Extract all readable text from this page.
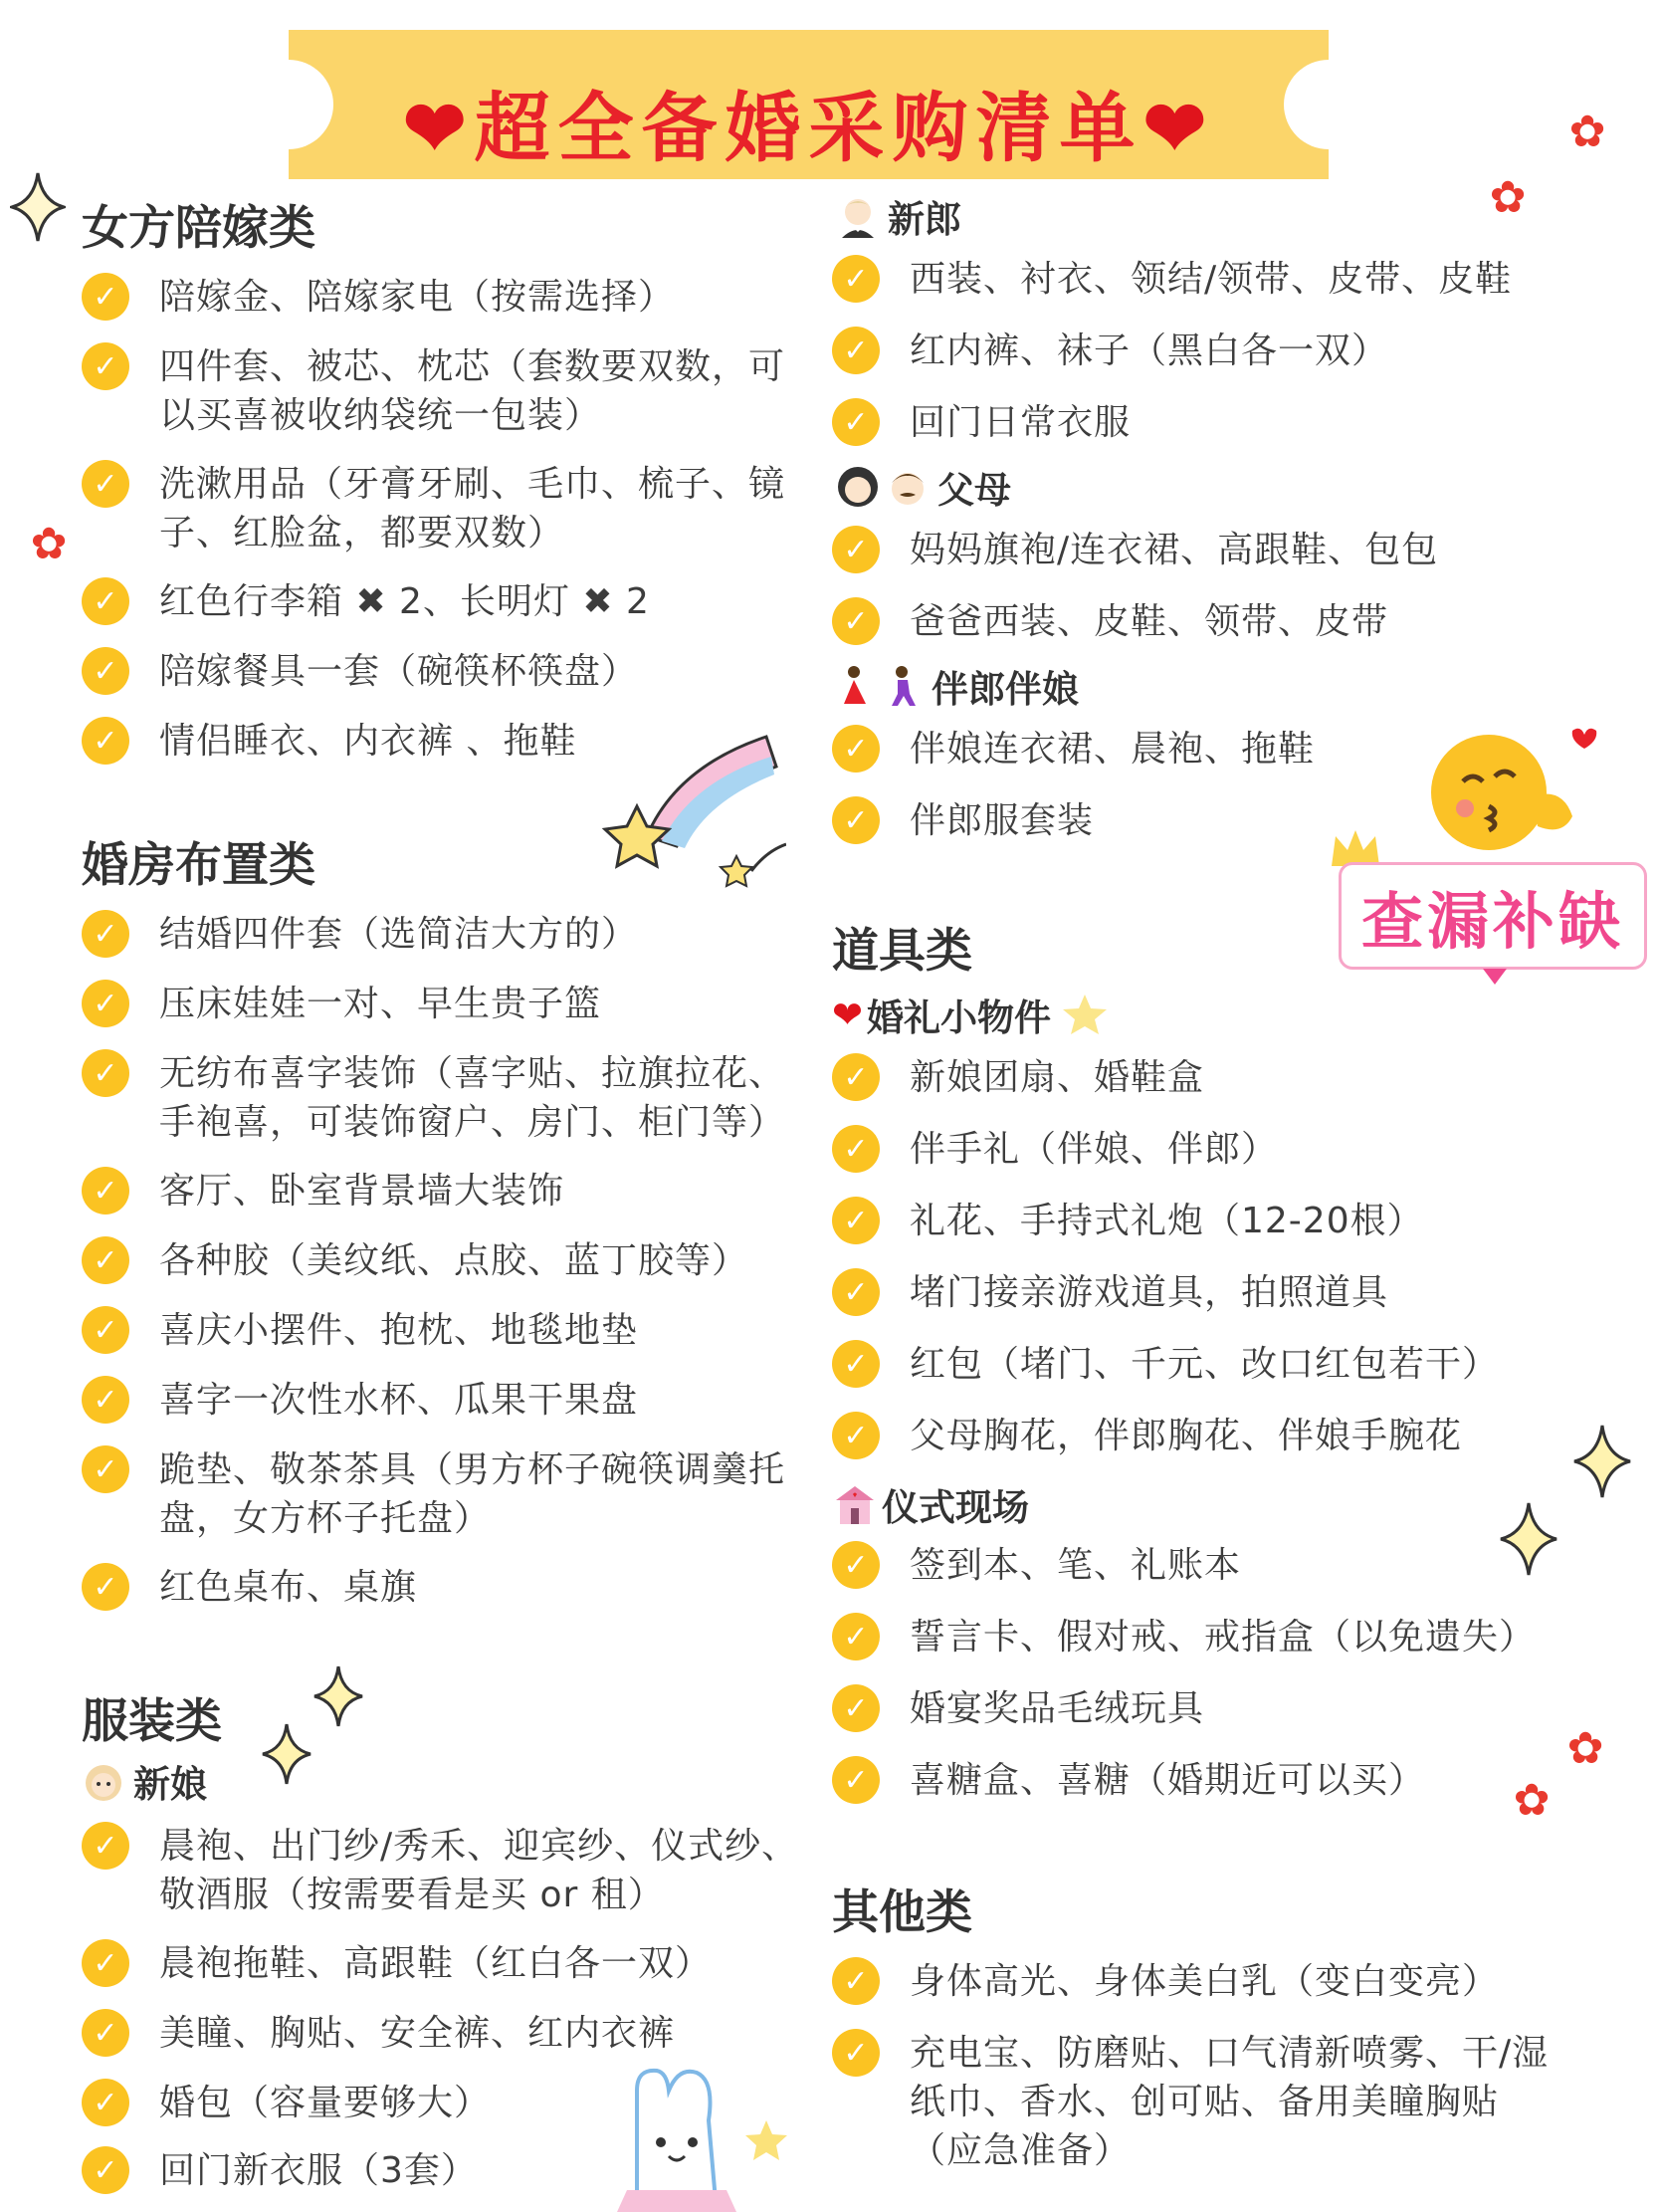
❤超全备婚采购清单❤	✿
✿
✿
✿
✿
查漏补缺
女方陪嫁类
✓	陪嫁金、陪嫁家电（按需选择）
✓	四件套、被芯、枕芯（套数要双数，可
以买喜被收纳袋统一包装）
✓	洗漱用品（牙膏牙刷、毛巾、梳子、镜
子、红脸盆，都要双数）
✓	红色行李箱 ✖ 2、长明灯 ✖ 2
✓	陪嫁餐具一套（碗筷杯筷盘）
✓	情侣睡衣、内衣裤 、拖鞋
婚房布置类
✓	结婚四件套（选简洁大方的）
✓	压床娃娃一对、早生贵子篮
✓	无纺布喜字装饰（喜字贴、拉旗拉花、
手袍喜，可装饰窗户、房门、柜门等）
✓	客厅、卧室背景墙大装饰
✓	各种胶（美纹纸、点胶、蓝丁胶等）
✓	喜庆小摆件、抱枕、地毯地垫
✓	喜字一次性水杯、瓜果干果盘
✓	跪垫、敬茶茶具（男方杯子碗筷调羹托
盘，女方杯子托盘）
✓	红色桌布、桌旗
服装类
新娘
✓	晨袍、出门纱/秀禾、迎宾纱、仪式纱、
敬酒服（按需要看是买 or 租）
✓	晨袍拖鞋、高跟鞋（红白各一双）
✓	美瞳、胸贴、安全裤、红内衣裤
✓	婚包（容量要够大）
✓	回门新衣服（3套）
新郎
✓	西装、衬衣、领结/领带、皮带、皮鞋
✓	红内裤、袜子（黑白各一双）
✓	回门日常衣服
父母
✓	妈妈旗袍/连衣裙、高跟鞋、包包
✓	爸爸西装、皮鞋、领带、皮带
伴郎伴娘
✓	伴娘连衣裙、晨袍、拖鞋
✓	伴郎服套装
道具类
❤ 婚礼小物件
✓	新娘团扇、婚鞋盒
✓	伴手礼（伴娘、伴郎）
✓	礼花、手持式礼炮（12-20根）
✓	堵门接亲游戏道具，拍照道具
✓	红包（堵门、千元、改口红包若干）
✓	父母胸花，伴郎胸花、伴娘手腕花
仪式现场
✓	签到本、笔、礼账本
✓	誓言卡、假对戒、戒指盒（以免遗失）
✓	婚宴奖品毛绒玩具
✓	喜糖盒、喜糖（婚期近可以买）
其他类
✓	身体高光、身体美白乳（变白变亮）
✓	充电宝、防磨贴、口气清新喷雾、干/湿
纸巾、香水、创可贴、备用美瞳胸贴
（应急准备）
